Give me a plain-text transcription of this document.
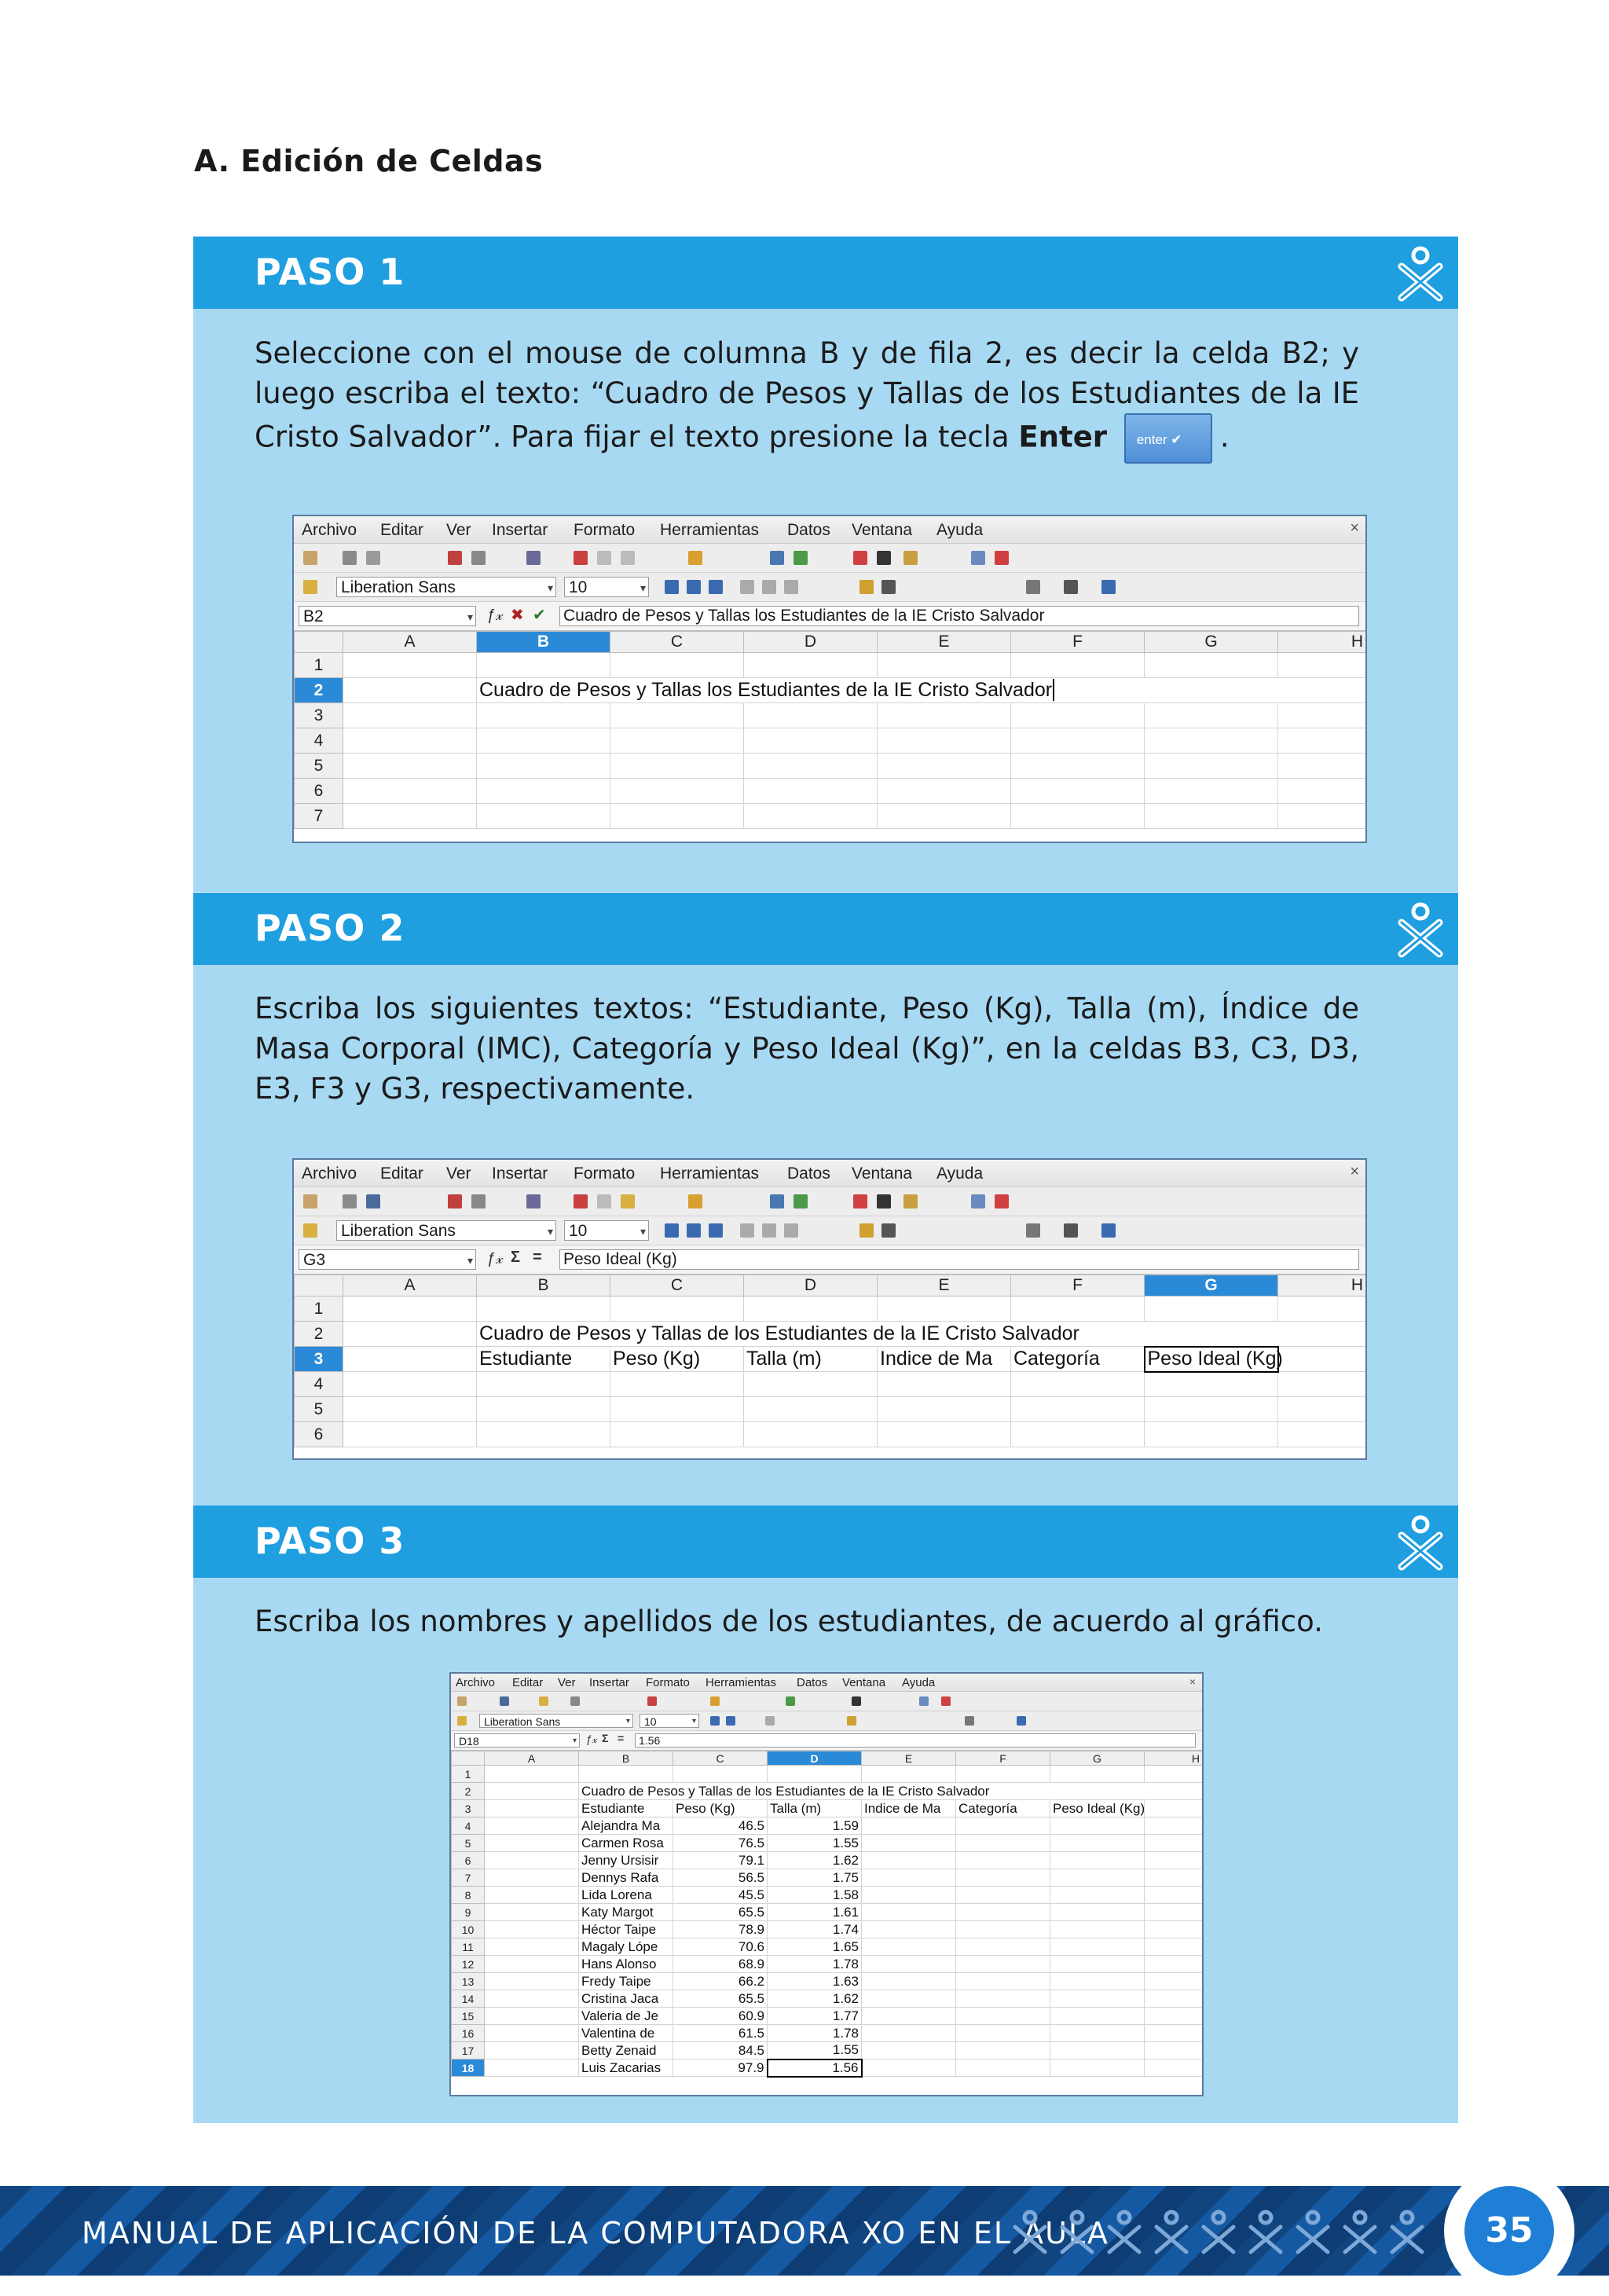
A. Edición de Celdas
PASO 1
Seleccione con el mouse de columna B y de fila 2, es decir la celda B2; y luego escriba el texto: “Cuadro de Pesos y Tallas de los Estudiantes de la IE Cristo Salvador”. Para fijar el texto presione la tecla Enter enter ✔ .
Archivo Editar Ver Insertar Formato Herramientas Datos Ventana Ayuda	×
Liberation Sans	▾ 10	▾
B2	▾ ƒ𝓍 ✖ ✔ Cuadro de Pesos y Tallas los Estudiantes de la IE Cristo Salvador
	A	B	C	D	E	F	G	H
1								
2		Cuadro de Pesos y Tallas los Estudiantes de la IE Cristo Salvador						
3								
4								
5								
6								
7								
PASO 2
Escriba los siguientes textos: “Estudiante, Peso (Kg), Talla (m), Índice de Masa Corporal (IMC), Categoría y Peso Ideal (Kg)”, en la celdas B3, C3, D3, E3, F3 y G3, respectivamente.
Archivo Editar Ver Insertar Formato Herramientas Datos Ventana Ayuda	×
Liberation Sans	▾ 10	▾
G3	▾ ƒ𝓍 Σ = Peso Ideal (Kg)
	A	B	C	D	E	F	G	H
1								
2		Cuadro de Pesos y Tallas de los Estudiantes de la IE Cristo Salvador						
3		Estudiante	Peso (Kg)	Talla (m)	Indice de Ma	Categoría	Peso Ideal (Kg)	
4								
5								
6								
PASO 3
Escriba los nombres y apellidos de los estudiantes, de acuerdo al gráfico.
Archivo Editar Ver Insertar Formato Herramientas Datos Ventana Ayuda	×
Liberation Sans	▾	10	▾
D18	▾ ƒ𝓍 Σ =	1.56
	A	B	C	D	E	F	G	H
1								
2		Cuadro de Pesos y Tallas de los Estudiantes de la IE Cristo Salvador						
3		Estudiante	Peso (Kg)	Talla (m)	Indice de Ma	Categoría	Peso Ideal (Kg)	
4		Alejandra Ma	46.5	1.59				
5		Carmen Rosa	76.5	1.55				
6		Jenny Ursisir	79.1	1.62				
7		Dennys Rafa	56.5	1.75				
8		Lida Lorena	45.5	1.58				
9		Katy Margot	65.5	1.61				
10		Héctor Taipe	78.9	1.74				
11		Magaly Lópe	70.6	1.65				
12		Hans Alonso	68.9	1.78				
13		Fredy Taipe	66.2	1.63				
14		Cristina Jaca	65.5	1.62				
15		Valeria de Je	60.9	1.77				
16		Valentina de	61.5	1.78				
17		Betty Zenaid	84.5	1.55				
18		Luis Zacarias	97.9	1.56				
MANUAL DE APLICACIÓN DE LA COMPUTADORA XO EN EL AULA	35
